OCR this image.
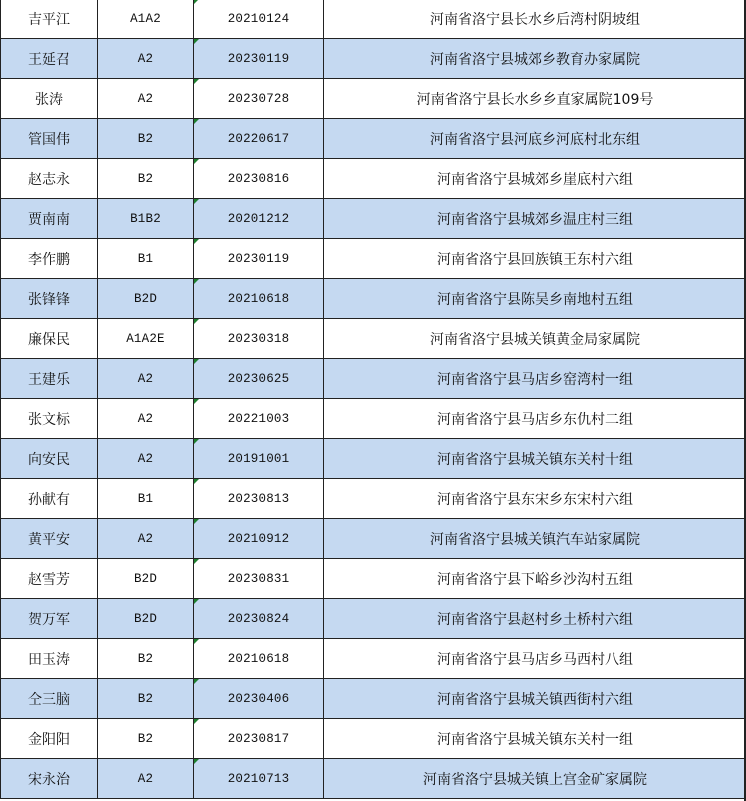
吉平江	A1A2	20210124	河南省洛宁县长水乡后湾村阴坡组
王延召	A2	20230119	河南省洛宁县城郊乡教育办家属院
张涛	A2	20230728	河南省洛宁县长水乡乡直家属院109号
管国伟	B2	20220617	河南省洛宁县河底乡河底村北东组
赵志永	B2	20230816	河南省洛宁县城郊乡崖底村六组
贾南南	B1B2	20201212	河南省洛宁县城郊乡温庄村三组
李作鹏	B1	20230119	河南省洛宁县回族镇王东村六组
张锋锋	B2D	20210618	河南省洛宁县陈吴乡南地村五组
廉保民	A1A2E	20230318	河南省洛宁县城关镇黄金局家属院
王建乐	A2	20230625	河南省洛宁县马店乡窑湾村一组
张文标	A2	20221003	河南省洛宁县马店乡东仇村二组
向安民	A2	20191001	河南省洛宁县城关镇东关村十组
孙献有	B1	20230813	河南省洛宁县东宋乡东宋村六组
黄平安	A2	20210912	河南省洛宁县城关镇汽车站家属院
赵雪芳	B2D	20230831	河南省洛宁县下峪乡沙沟村五组
贺万军	B2D	20230824	河南省洛宁县赵村乡土桥村六组
田玉涛	B2	20210618	河南省洛宁县马店乡马西村八组
仝三脑	B2	20230406	河南省洛宁县城关镇西街村六组
金阳阳	B2	20230817	河南省洛宁县城关镇东关村一组
宋永治	A2	20210713	河南省洛宁县城关镇上宫金矿家属院
